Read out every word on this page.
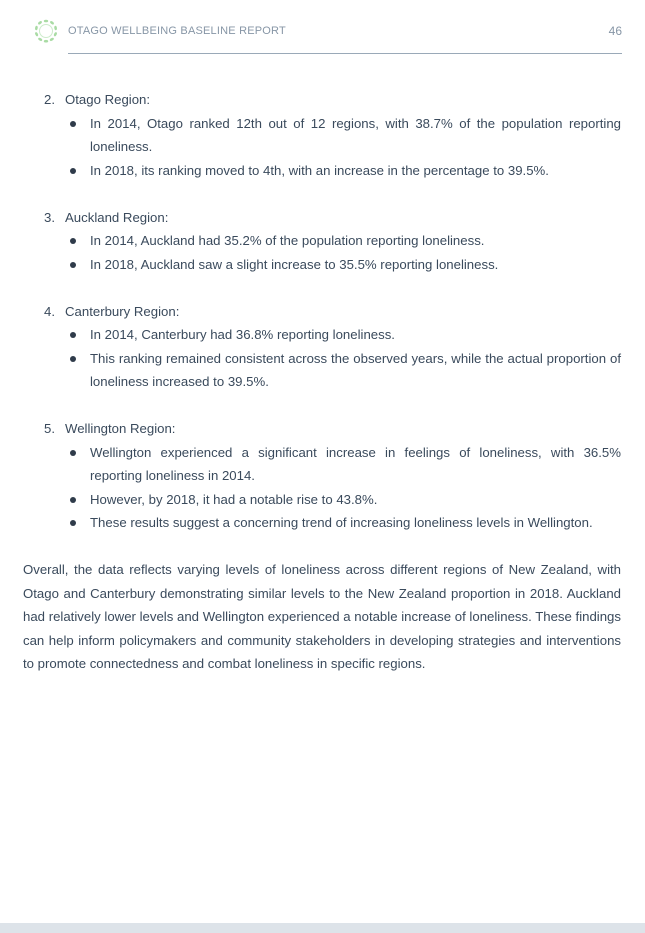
OTAGO WELLBEING BASELINE REPORT	46
2. Otago Region:
In 2014, Otago ranked 12th out of 12 regions, with 38.7% of the population reporting loneliness.
In 2018, its ranking moved to 4th, with an increase in the percentage to 39.5%.
3. Auckland Region:
In 2014, Auckland had 35.2% of the population reporting loneliness.
In 2018, Auckland saw a slight increase to 35.5% reporting loneliness.
4. Canterbury Region:
In 2014, Canterbury had 36.8% reporting loneliness.
This ranking remained consistent across the observed years, while the actual proportion of loneliness increased to 39.5%.
5. Wellington Region:
Wellington experienced a significant increase in feelings of loneliness, with 36.5% reporting loneliness in 2014.
However, by 2018, it had a notable rise to 43.8%.
These results suggest a concerning trend of increasing loneliness levels in Wellington.

Overall, the data reflects varying levels of loneliness across different regions of New Zealand, with Otago and Canterbury demonstrating similar levels to the New Zealand proportion in 2018. Auckland had relatively lower levels and Wellington experienced a notable increase of loneliness. These findings can help inform policymakers and community stakeholders in developing strategies and interventions to promote connectedness and combat loneliness in specific regions.
